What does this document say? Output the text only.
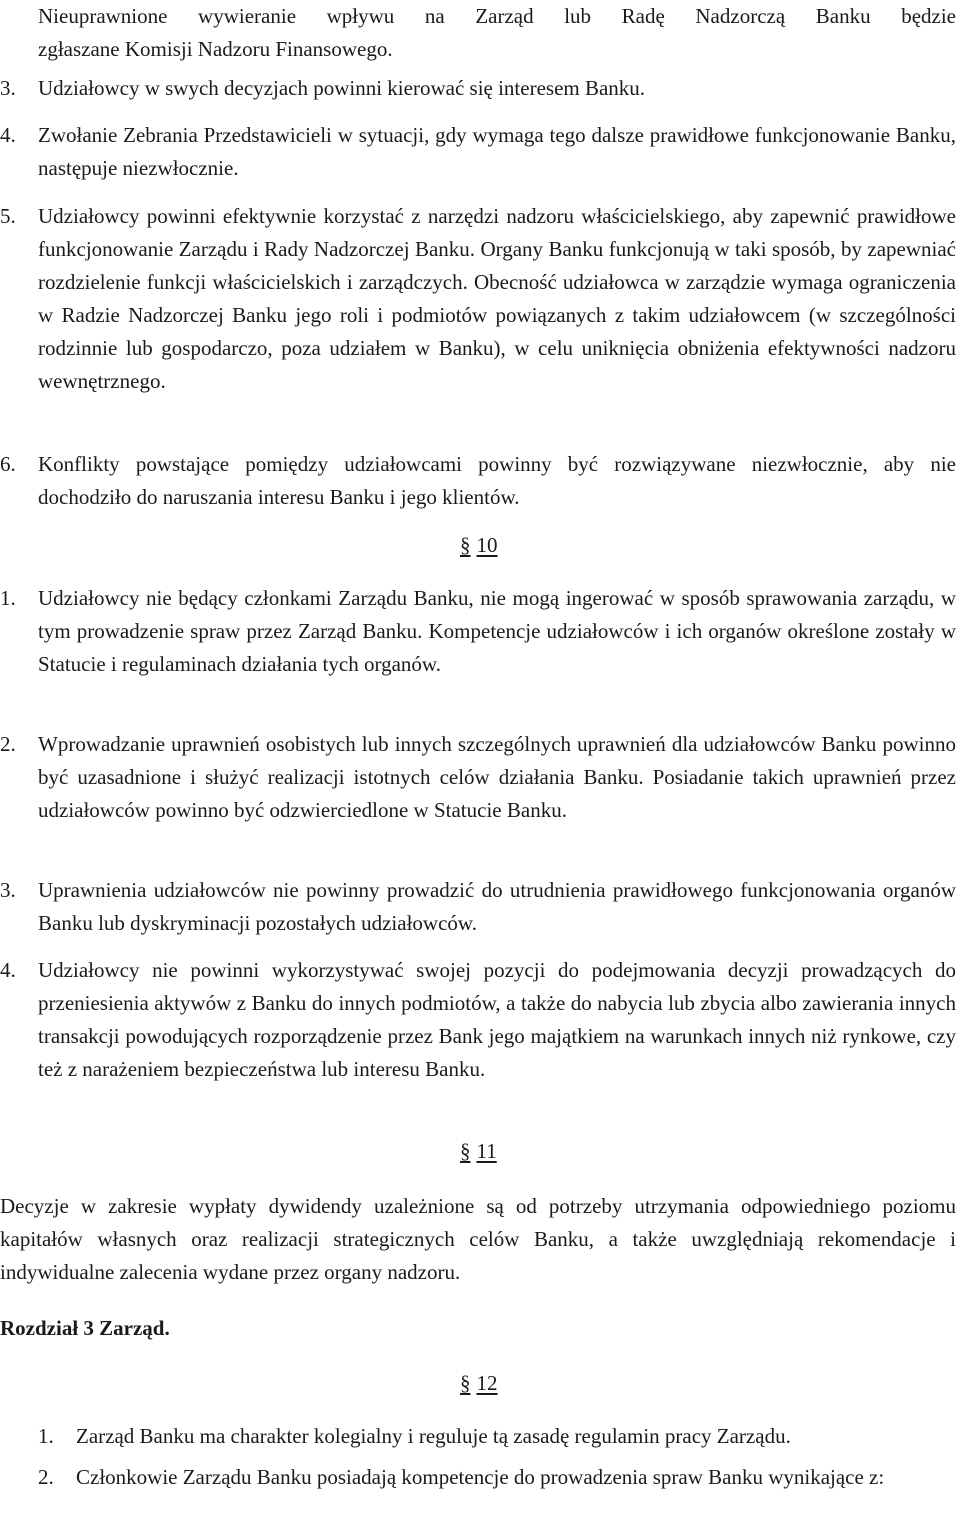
Nieuprawnione wywieranie wpływu na Zarząd lub Radę Nadzorczą Banku będzie
zgłaszane Komisji Nadzoru Finansowego.
3. Udziałowcy w swych decyzjach powinni kierować się interesem Banku.
4. Zwołanie Zebrania Przedstawicieli w sytuacji, gdy wymaga tego dalsze prawidłowe funkcjonowanie Banku, następuje niezwłocznie.
5. Udziałowcy powinni efektywnie korzystać z narzędzi nadzoru właścicielskiego, aby zapewnić prawidłowe funkcjonowanie Zarządu i Rady Nadzorczej Banku. Organy Banku funkcjonują w taki sposób, by zapewniać rozdzielenie funkcji właścicielskich i zarządczych. Obecność udziałowca w zarządzie wymaga ograniczenia w Radzie Nadzorczej Banku jego roli i podmiotów powiązanych z takim udziałowcem (w szczególności rodzinnie lub gospodarczo, poza udziałem w Banku), w celu uniknięcia obniżenia efektywności nadzoru wewnętrznego.
6. Konflikty powstające pomiędzy udziałowcami powinny być rozwiązywane niezwłocznie, aby nie dochodziło do naruszania interesu Banku i jego klientów.
§ 10
1. Udziałowcy nie będący członkami Zarządu Banku, nie mogą ingerować w sposób sprawowania zarządu, w tym prowadzenie spraw przez Zarząd Banku. Kompetencje udziałowców i ich organów określone zostały w Statucie i regulaminach działania tych organów.
2. Wprowadzanie uprawnień osobistych lub innych szczególnych uprawnień dla udziałowców Banku powinno być uzasadnione i służyć realizacji istotnych celów działania Banku. Posiadanie takich uprawnień przez udziałowców powinno być odzwierciedlone w Statucie Banku.
3. Uprawnienia udziałowców nie powinny prowadzić do utrudnienia prawidłowego funkcjonowania organów Banku lub dyskryminacji pozostałych udziałowców.
4. Udziałowcy nie powinni wykorzystywać swojej pozycji do podejmowania decyzji prowadzących do przeniesienia aktywów z Banku do innych podmiotów, a także do nabycia lub zbycia albo zawierania innych transakcji powodujących rozporządzenie przez Bank jego majątkiem na warunkach innych niż rynkowe, czy też z narażeniem bezpieczeństwa lub interesu Banku.
§ 11
Decyzje w zakresie wypłaty dywidendy uzależnione są od potrzeby utrzymania odpowiedniego poziomu kapitałów własnych oraz realizacji strategicznych celów Banku, a także uwzględniają rekomendacje i indywidualne zalecenia wydane przez organy nadzoru.
Rozdział 3 Zarząd.
§ 12
1. Zarząd Banku ma charakter kolegialny i reguluje tą zasadę regulamin pracy Zarządu.
2. Członkowie Zarządu Banku posiadają kompetencje do prowadzenia spraw Banku wynikające z:
